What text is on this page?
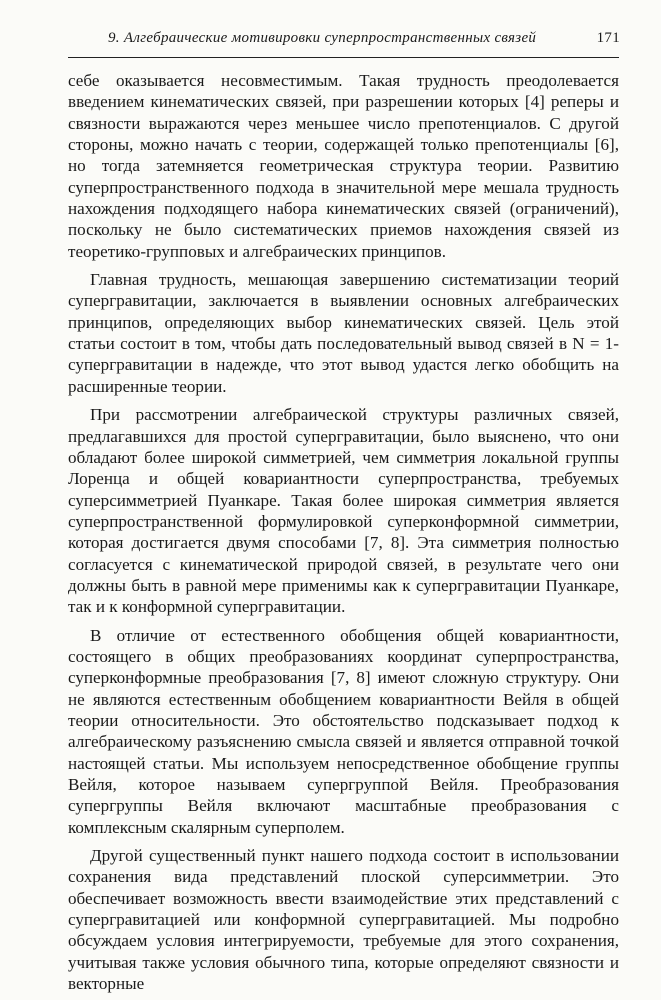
9. Алгебраические мотивировки суперпространственных связей	171

себе оказывается несовместимым. Такая трудность преодолевается введением кинематических связей, при разрешении которых [4] реперы и связности выражаются через меньшее число препотенциалов. С другой стороны, можно начать с теории, содержащей только препотенциалы [6], но тогда затемняется геометрическая структура теории. Развитию суперпространственного подхода в значительной мере мешала трудность нахождения подходящего набора кинематических связей (ограничений), поскольку не было систематических приемов нахождения связей из теоретико-групповых и алгебраических принципов.

Главная трудность, мешающая завершению систематизации теорий супергравитации, заключается в выявлении основных алгебраических принципов, определяющих выбор кинематических связей. Цель этой статьи состоит в том, чтобы дать последовательный вывод связей в N = 1-супергравитации в надежде, что этот вывод удастся легко обобщить на расширенные теории.

При рассмотрении алгебраической структуры различных связей, предлагавшихся для простой супергравитации, было выяснено, что они обладают более широкой симметрией, чем симметрия локальной группы Лоренца и общей ковариантности суперпространства, требуемых суперсимметрией Пуанкаре. Такая более широкая симметрия является суперпространственной формулировкой суперконформной симметрии, которая достигается двумя способами [7, 8]. Эта симметрия полностью согласуется с кинематической природой связей, в результате чего они должны быть в равной мере применимы как к супергравитации Пуанкаре, так и к конформной супергравитации.

В отличие от естественного обобщения общей ковариантности, состоящего в общих преобразованиях координат суперпространства, суперконформные преобразования [7, 8] имеют сложную структуру. Они не являются естественным обобщением ковариантности Вейля в общей теории относительности. Это обстоятельство подсказывает подход к алгебраическому разъяснению смысла связей и является отправной точкой настоящей статьи. Мы используем непосредственное обобщение группы Вейля, которое называем супергруппой Вейля. Преобразования супергруппы Вейля включают масштабные преобразования с комплексным скалярным суперполем.

Другой существенный пункт нашего подхода состоит в использовании сохранения вида представлений плоской суперсимметрии. Это обеспечивает возможность ввести взаимодействие этих представлений с супергравитацией или конформной супергравитацией. Мы подробно обсуждаем условия интегрируемости, требуемые для этого сохранения, учитывая также условия обычного типа, которые определяют связности и векторные
